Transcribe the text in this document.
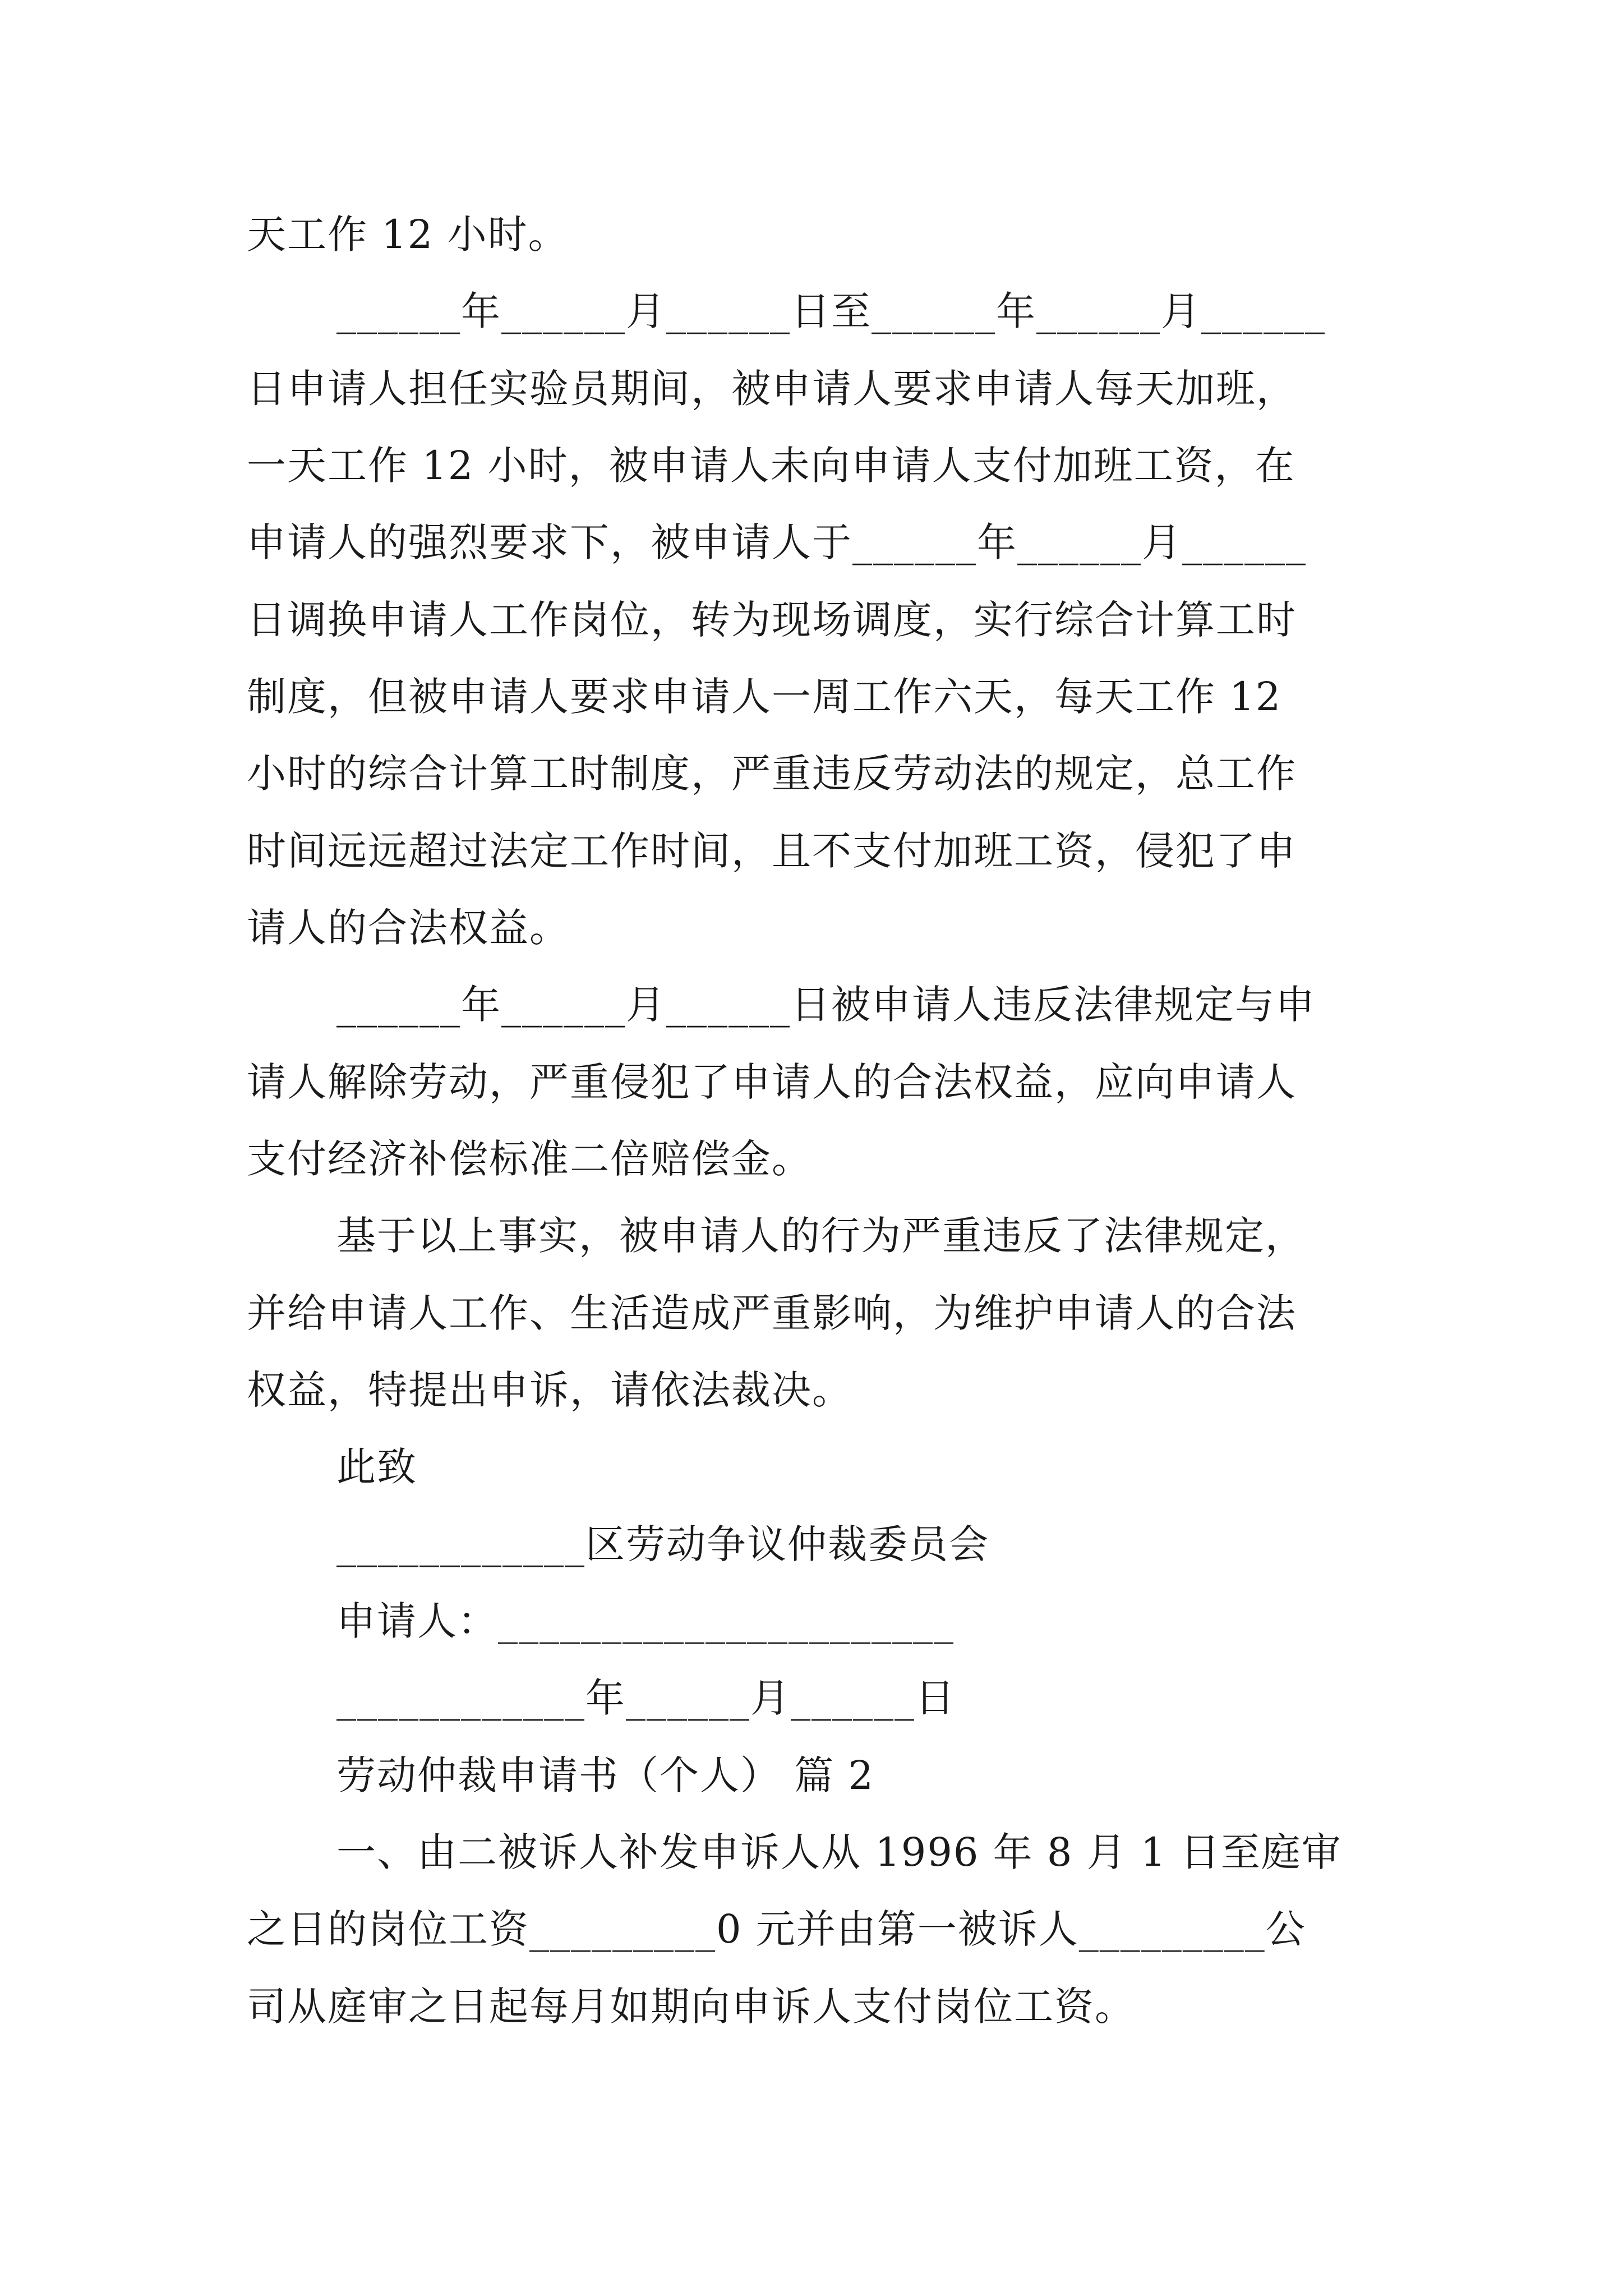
天工作 12 小时。
______年______月______日至______年______月______
日申请人担任实验员期间，被申请人要求申请人每天加班，
一天工作 12 小时，被申请人未向申请人支付加班工资，在
申请人的强烈要求下，被申请人于______年______月______
日调换申请人工作岗位，转为现场调度，实行综合计算工时
制度，但被申请人要求申请人一周工作六天，每天工作 12
小时的综合计算工时制度，严重违反劳动法的规定，总工作
时间远远超过法定工作时间，且不支付加班工资，侵犯了申
请人的合法权益。
______年______月______日被申请人违反法律规定与申
请人解除劳动，严重侵犯了申请人的合法权益，应向申请人
支付经济补偿标准二倍赔偿金。
基于以上事实，被申请人的行为严重违反了法律规定，
并给申请人工作、生活造成严重影响，为维护申请人的合法
权益，特提出申诉，请依法裁决。
此致
____________区劳动争议仲裁委员会
申请人：______________________
____________年______月______日
劳动仲裁申请书（个人） 篇 2
一、由二被诉人补发申诉人从 1996 年 8 月 1 日至庭审
之日的岗位工资_________0 元并由第一被诉人_________公
司从庭审之日起每月如期向申诉人支付岗位工资。
